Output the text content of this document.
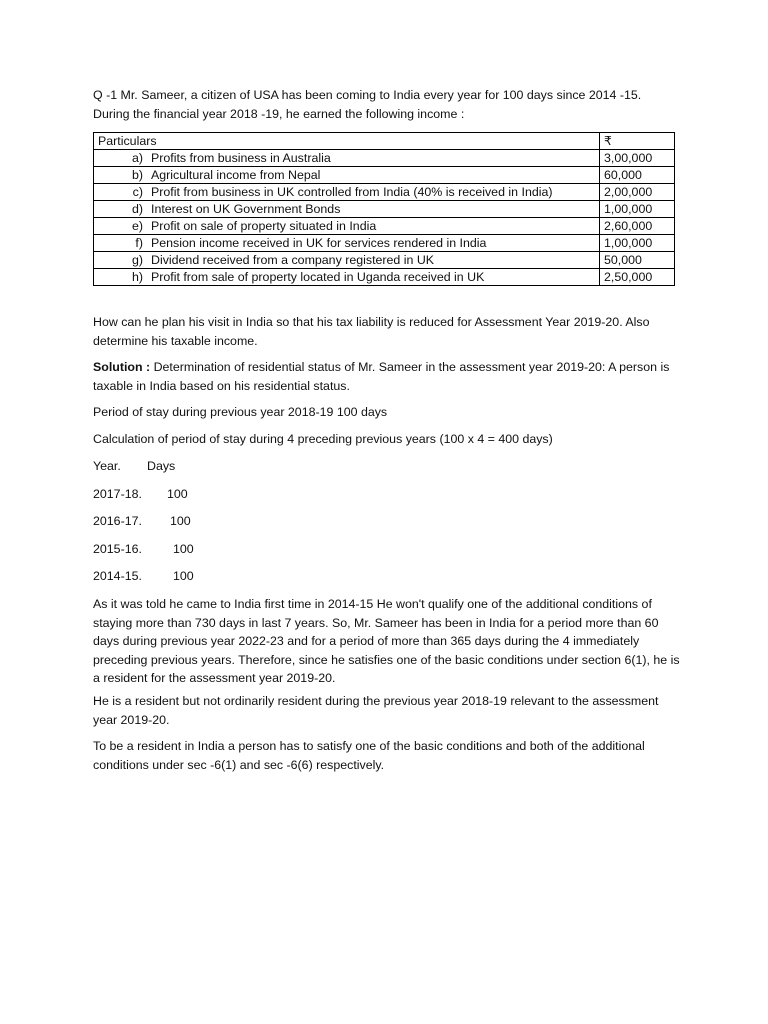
Q -1 Mr. Sameer, a citizen of USA has been coming to India every year for 100 days since 2014 -15.
During the financial year 2018 -19, he earned the following income :
Particulars	₹
a) Profits from business in Australia	3,00,000
b) Agricultural income from Nepal	60,000
c) Profit from business in UK controlled from India (40% is received in India)	2,00,000
d) Interest on UK Government Bonds	1,00,000
e) Profit on sale of property situated in India	2,60,000
f) Pension income received in UK for services rendered in India	1,00,000
g) Dividend received from a company registered in UK	50,000
h) Profit from sale of property located in Uganda received in UK	2,50,000

How can he plan his visit in India so that his tax liability is reduced for Assessment Year 2019-20. Also determine his taxable income.

Solution : Determination of residential status of Mr. Sameer in the assessment year 2019-20: A person is taxable in India based on his residential status.

Period of stay during previous year 2018-19 100 days

Calculation of period of stay during 4 preceding previous years (100 x 4 = 400 days)

Year. Days
2017-18. 100
2016-17. 100
2015-16.	100
2014-15.	100

As it was told he came to India first time in 2014-15 He won't qualify one of the additional conditions of staying more than 730 days in last 7 years. So, Mr. Sameer has been in India for a period more than 60 days during previous year 2022-23 and for a period of more than 365 days during the 4 immediately preceding previous years. Therefore, since he satisfies one of the basic conditions under section 6(1), he is a resident for the assessment year 2019-20.

He is a resident but not ordinarily resident during the previous year 2018-19 relevant to the assessment year 2019-20.

To be a resident in India a person has to satisfy one of the basic conditions and both of the additional conditions under sec -6(1) and sec -6(6) respectively.
